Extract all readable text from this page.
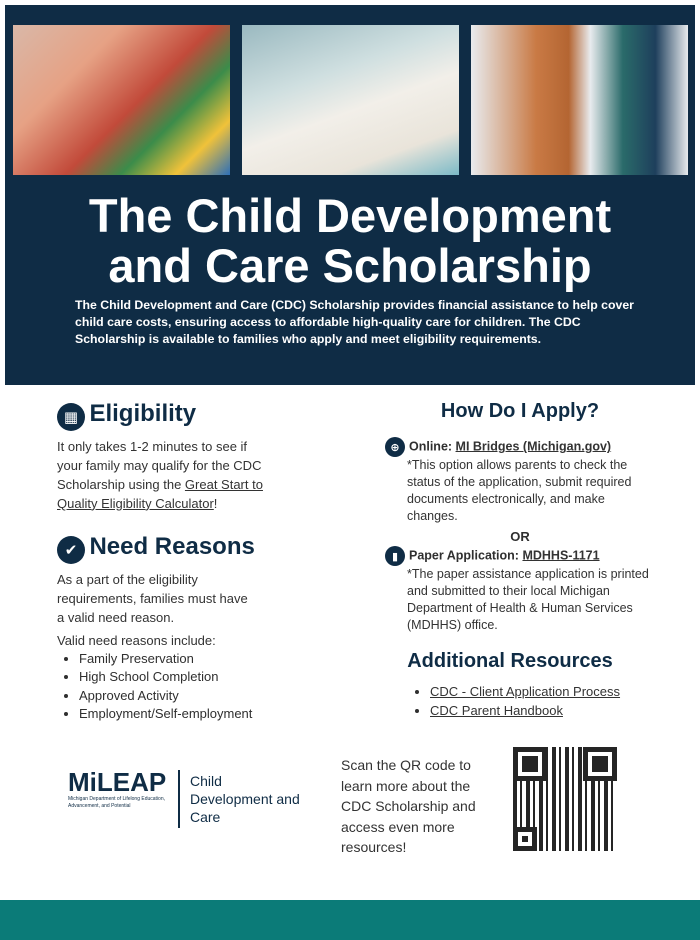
The Child Development
and Care Scholarship
The Child Development and Care (CDC) Scholarship provides financial assistance to help cover child care costs, ensuring access to affordable high-quality care for children. The CDC Scholarship is available to families who apply and meet eligibility requirements.
▦ Eligibility
It only takes 1-2 minutes to see if your family may qualify for the CDC Scholarship using the Great Start to Quality Eligibility Calculator!
✔ Need Reasons
As a part of the eligibility requirements, families must have a valid need reason.
Valid need reasons include:
• Family Preservation
• High School Completion
• Approved Activity
• Employment/Self-employment
MiLEAP
Michigan Department of Lifelong Education, Advancement, and Potential
Child Development and Care
How Do I Apply?
⊕ Online: MI Bridges (Michigan.gov)
*This option allows parents to check the status of the application, submit required documents electronically, and make changes.
OR
▮ Paper Application: MDHHS-1171
*The paper assistance application is printed and submitted to their local Michigan Department of Health & Human Services (MDHHS) office.
Additional Resources
• CDC - Client Application Process
• CDC Parent Handbook
Scan the QR code to learn more about the CDC Scholarship and access even more resources!
